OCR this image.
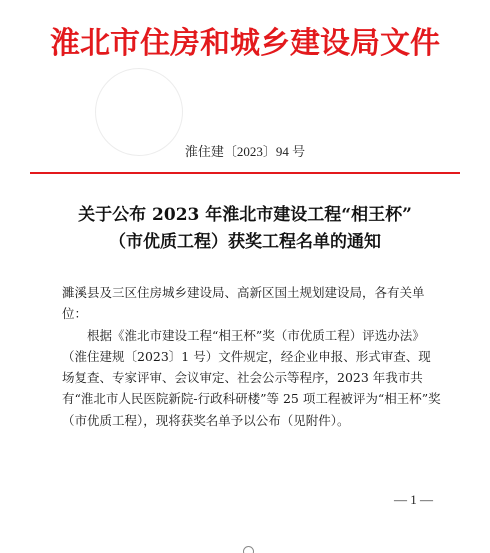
淮北市住房和城乡建设局文件
淮住建〔2023〕94 号
关于公布 2023 年淮北市建设工程“相王杯”
（市优质工程）获奖工程名单的通知

濉溪县及三区住房城乡建设局、高新区国土规划建设局，各有关单位：

根据《淮北市建设工程“相王杯”奖（市优质工程）评选办法》（淮住建规〔2023〕1 号）文件规定，经企业申报、形式审查、现场复查、专家评审、会议审定、社会公示等程序，2023 年我市共有“淮北市人民医院新院-行政科研楼”等 25 项工程被评为“相王杯”奖（市优质工程），现将获奖名单予以公布（见附件）。

— 1 —
